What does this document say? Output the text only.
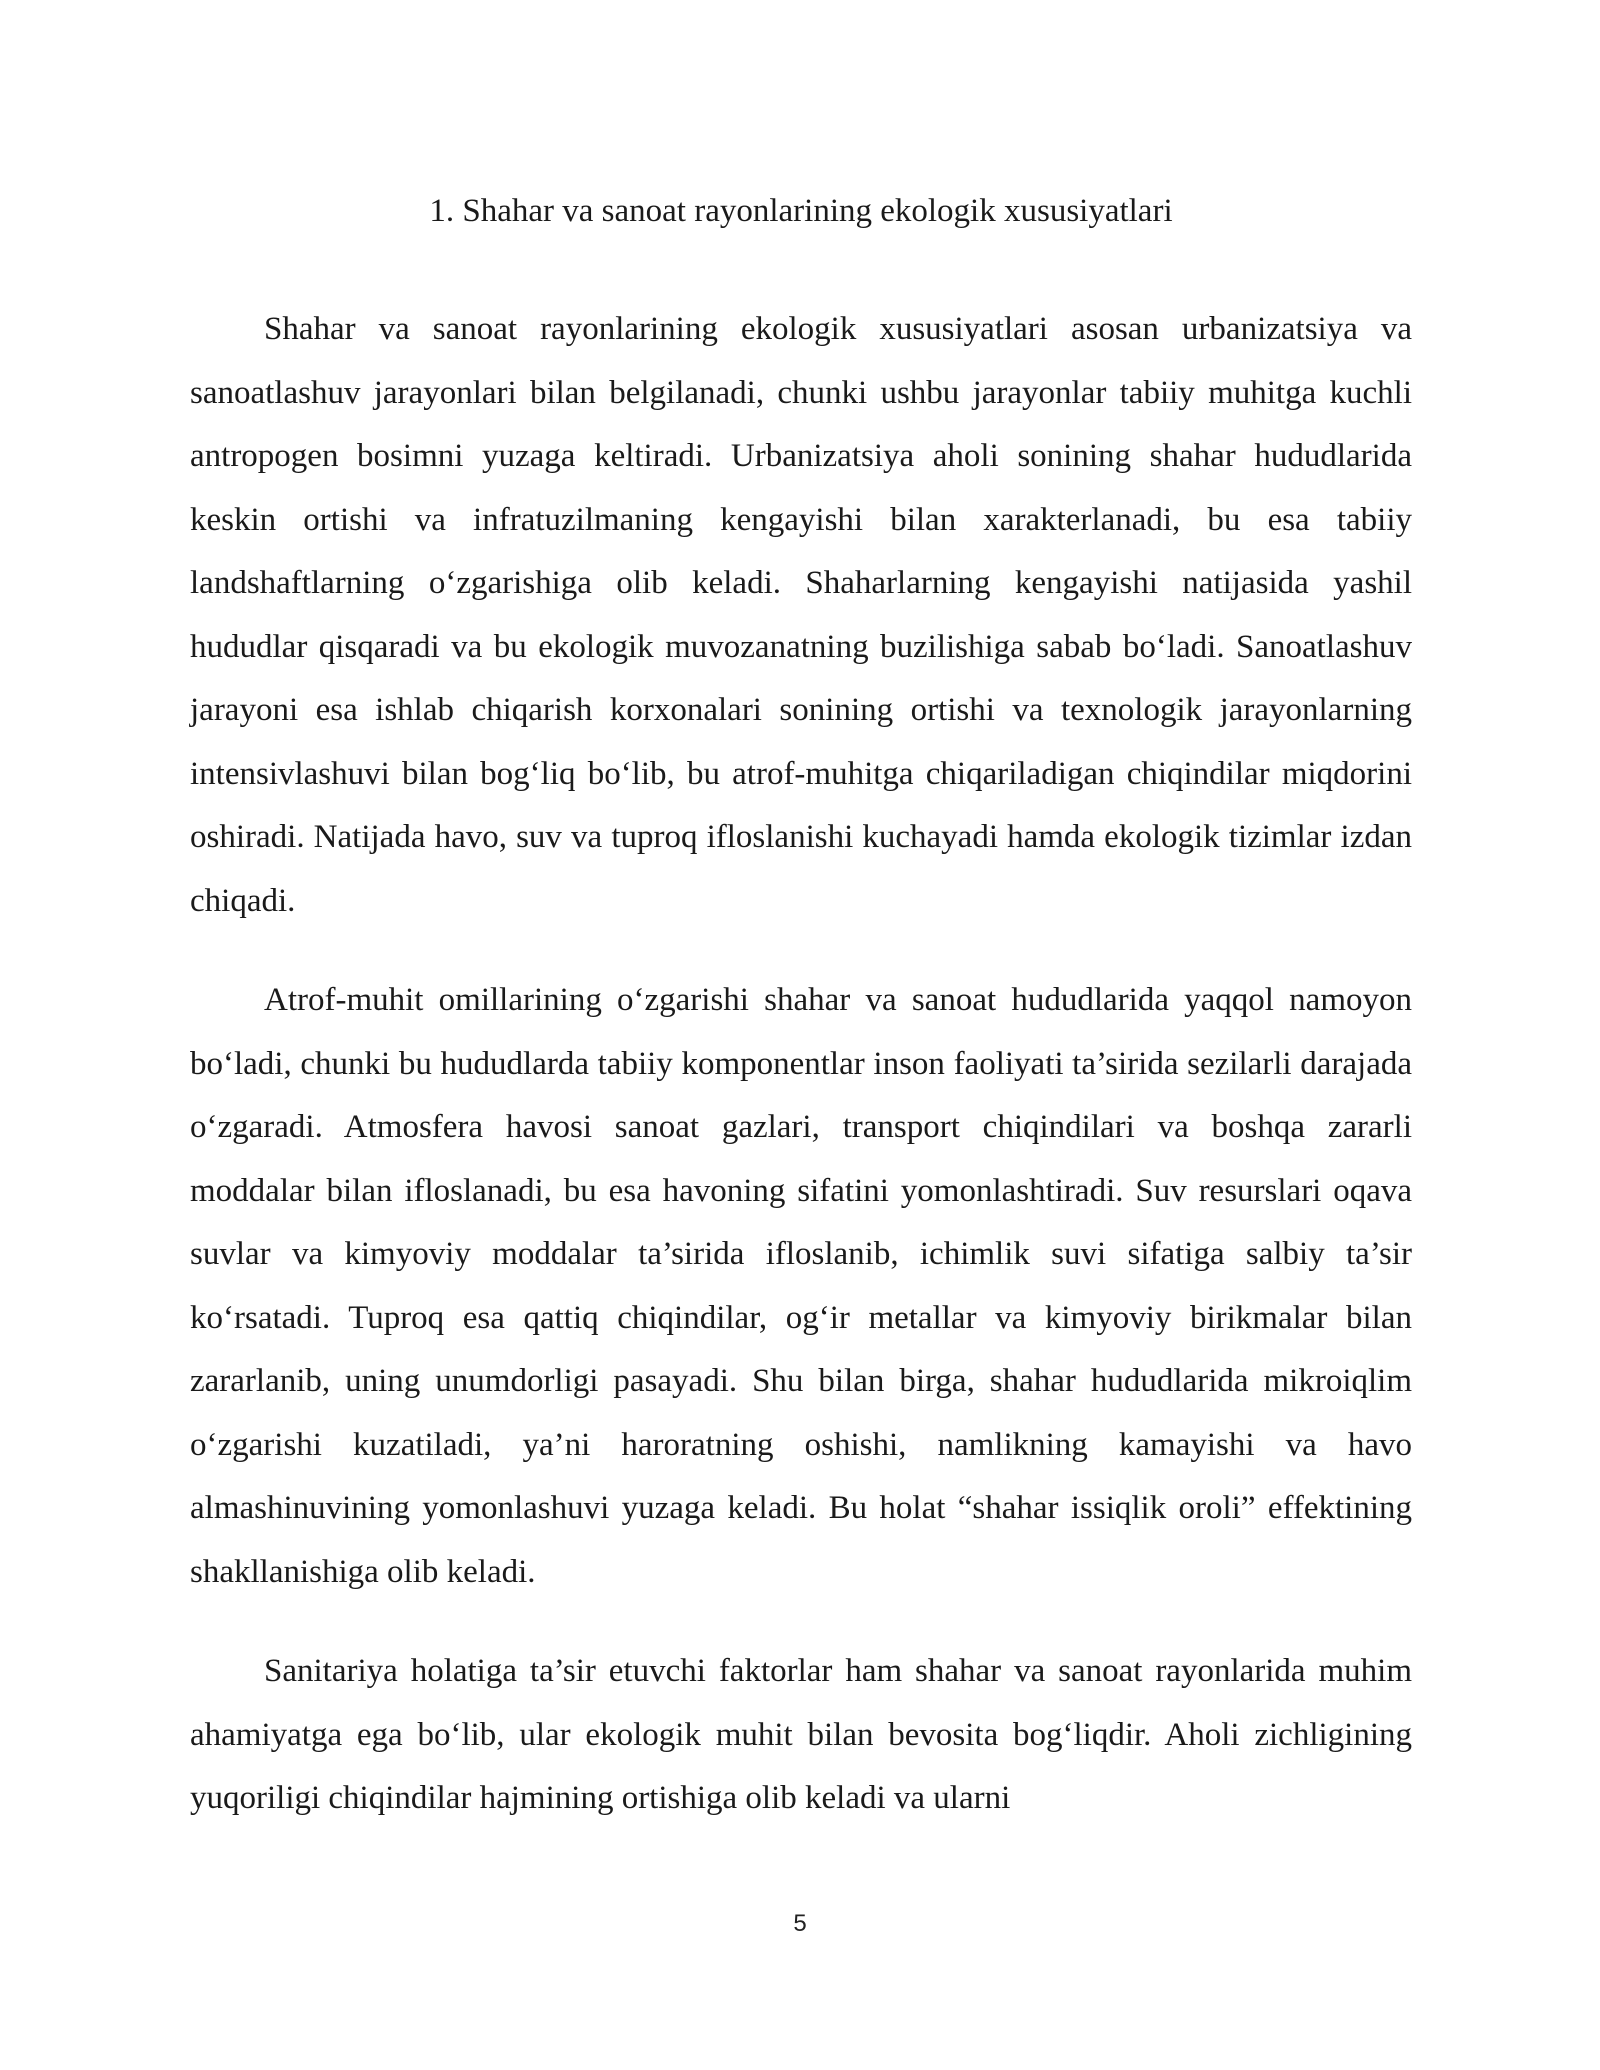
1. Shahar va sanoat rayonlarining ekologik xususiyatlari

Shahar va sanoat rayonlarining ekologik xususiyatlari asosan urbanizatsiya va sanoatlashuv jarayonlari bilan belgilanadi, chunki ushbu jarayonlar tabiiy muhitga kuchli antropogen bosimni yuzaga keltiradi. Urbanizatsiya aholi sonining shahar hududlarida keskin ortishi va infratuzilmaning kengayishi bilan xarakterlanadi, bu esa tabiiy landshaftlarning oʻzgarishiga olib keladi. Shaharlarning kengayishi natijasida yashil hududlar qisqaradi va bu ekologik muvozanatning buzilishiga sabab boʻladi. Sanoatlashuv jarayoni esa ishlab chiqarish korxonalari sonining ortishi va texnologik jarayonlarning intensivlashuvi bilan bogʻliq boʻlib, bu atrof-muhitga chiqariladigan chiqindilar miqdorini oshiradi. Natijada havo, suv va tuproq ifloslanishi kuchayadi hamda ekologik tizimlar izdan chiqadi.

Atrof-muhit omillarining oʻzgarishi shahar va sanoat hududlarida yaqqol namoyon boʻladi, chunki bu hududlarda tabiiy komponentlar inson faoliyati ta’sirida sezilarli darajada oʻzgaradi. Atmosfera havosi sanoat gazlari, transport chiqindilari va boshqa zararli moddalar bilan ifloslanadi, bu esa havoning sifatini yomonlashtiradi. Suv resurslari oqava suvlar va kimyoviy moddalar ta’sirida ifloslanib, ichimlik suvi sifatiga salbiy ta’sir koʻrsatadi. Tuproq esa qattiq chiqindilar, ogʻir metallar va kimyoviy birikmalar bilan zararlanib, uning unumdorligi pasayadi. Shu bilan birga, shahar hududlarida mikroiqlim oʻzgarishi kuzatiladi, ya’ni haroratning oshishi, namlikning kamayishi va havo almashinuvining yomonlashuvi yuzaga keladi. Bu holat “shahar issiqlik oroli” effektining shakllanishiga olib keladi.

Sanitariya holatiga ta’sir etuvchi faktorlar ham shahar va sanoat rayonlarida muhim ahamiyatga ega boʻlib, ular ekologik muhit bilan bevosita bogʻliqdir. Aholi zichligining yuqoriligi chiqindilar hajmining ortishiga olib keladi va ularni

5
